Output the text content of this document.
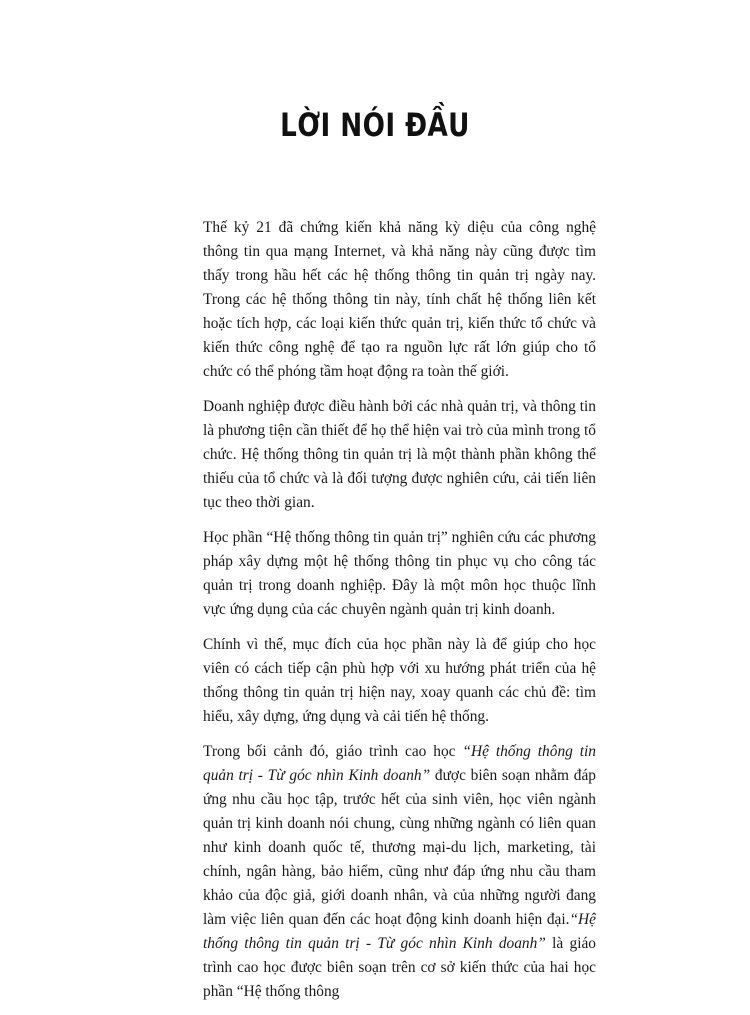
LỜI NÓI ĐẦU

Thế kỷ 21 đã chứng kiến khả năng kỳ diệu của công nghệ thông tin qua mạng Internet, và khả năng này cũng được tìm thấy trong hầu hết các hệ thống thông tin quản trị ngày nay. Trong các hệ thống thông tin này, tính chất hệ thống liên kết hoặc tích hợp, các loại kiến thức quản trị, kiến thức tổ chức và kiến thức công nghệ để tạo ra nguồn lực rất lớn giúp cho tổ chức có thể phóng tầm hoạt động ra toàn thế giới.

Doanh nghiệp được điều hành bởi các nhà quản trị, và thông tin là phương tiện cần thiết để họ thể hiện vai trò của mình trong tổ chức. Hệ thống thông tin quản trị là một thành phần không thể thiếu của tổ chức và là đối tượng được nghiên cứu, cải tiến liên tục theo thời gian.

Học phần “Hệ thống thông tin quản trị” nghiên cứu các phương pháp xây dựng một hệ thống thông tin phục vụ cho công tác quản trị trong doanh nghiệp. Đây là một môn học thuộc lĩnh vực ứng dụng của các chuyên ngành quản trị kinh doanh.

Chính vì thế, mục đích của học phần này là để giúp cho học viên có cách tiếp cận phù hợp với xu hướng phát triển của hệ thống thông tin quản trị hiện nay, xoay quanh các chủ đề: tìm hiểu, xây dựng, ứng dụng và cải tiến hệ thống.

Trong bối cảnh đó, giáo trình cao học “Hệ thống thông tin quản trị - Từ góc nhìn Kinh doanh” được biên soạn nhằm đáp ứng nhu cầu học tập, trước hết của sinh viên, học viên ngành quản trị kinh doanh nói chung, cùng những ngành có liên quan như kinh doanh quốc tế, thương mại-du lịch, marketing, tài chính, ngân hàng, bảo hiểm, cũng như đáp ứng nhu cầu tham khảo của độc giả, giới doanh nhân, và của những người đang làm việc liên quan đến các hoạt động kinh doanh hiện đại.“Hệ thống thông tin quản trị - Từ góc nhìn Kinh doanh” là giáo trình cao học được biên soạn trên cơ sở kiến thức của hai học phần “Hệ thống thông
